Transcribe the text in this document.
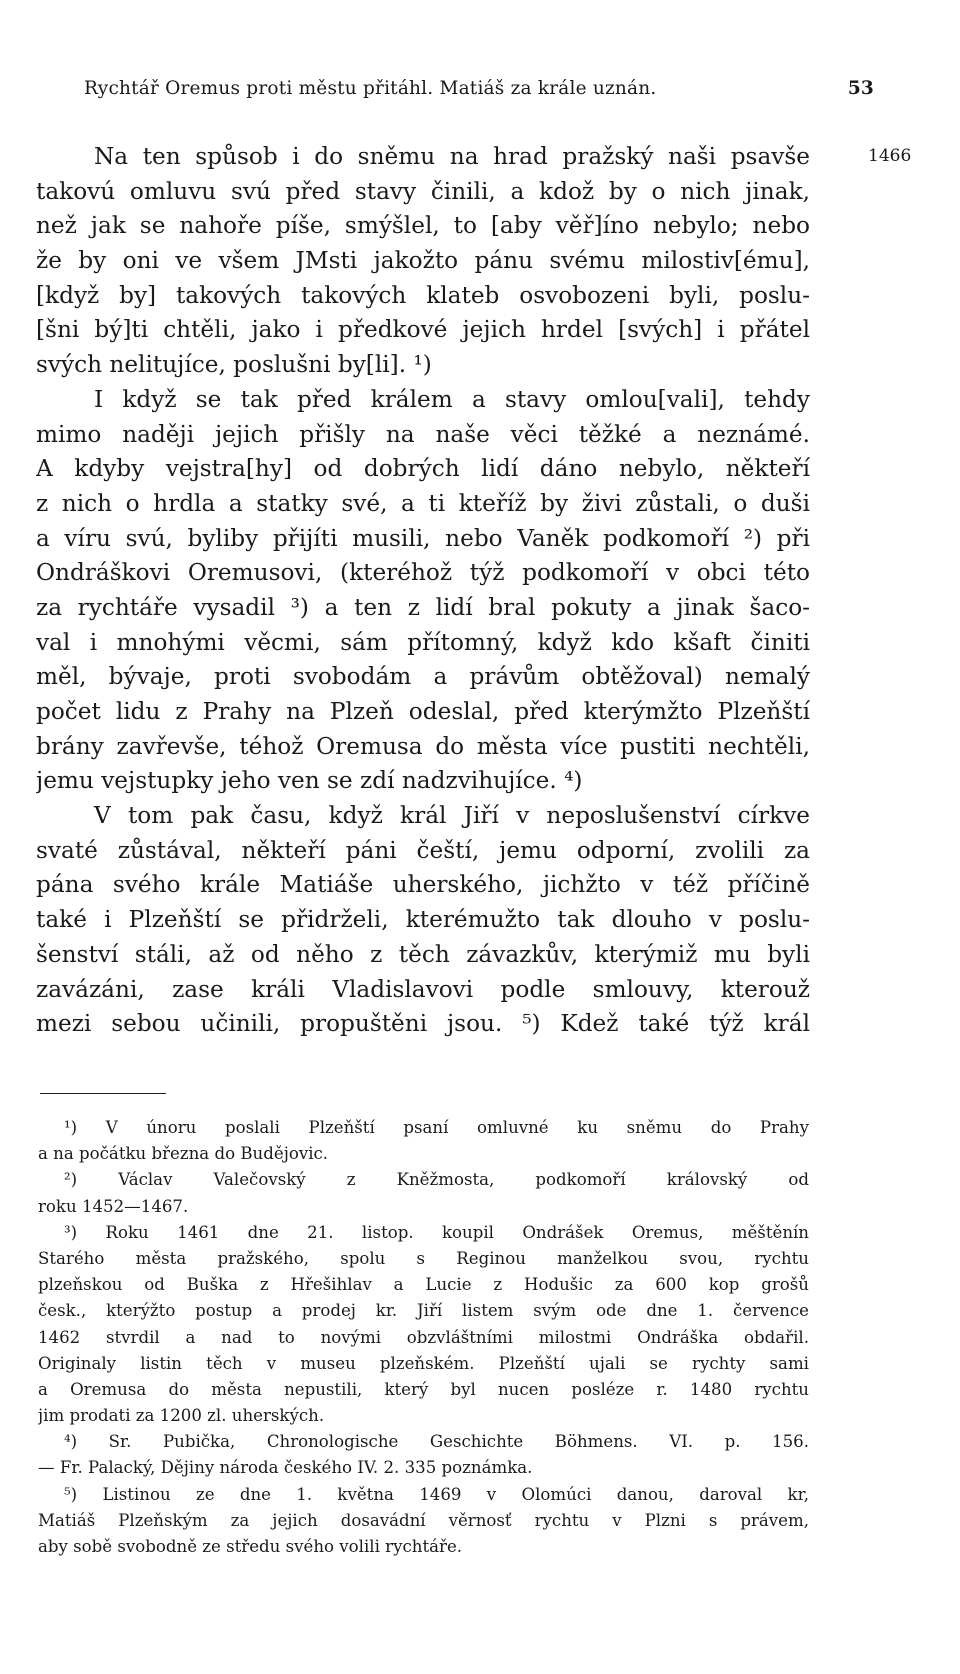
Rychtář Oremus proti městu přitáhl. Matiáš za krále uznán.	53
1466
Na ten spůsob i do sněmu na hrad pražský naši psavše
takovú omluvu svú před stavy činili, a kdož by o nich jinak,
než jak se nahoře píše, smýšlel, to [aby věř]íno nebylo; nebo
že by oni ve všem JMsti jakožto pánu svému milostiv[ému],
[když by] takových takových klateb osvobozeni byli, poslu-
[šni bý]ti chtěli, jako i předkové jejich hrdel [svých] i přátel
svých nelitujíce, poslušni by[li]. ¹)
I když se tak před králem a stavy omlou[vali], tehdy
mimo naději jejich přišly na naše věci těžké a neznámé.
A kdyby vejstra[hy] od dobrých lidí dáno nebylo, někteří
z nich o hrdla a statky své, a ti kteříž by živi zůstali, o duši
a víru svú, byliby přijíti musili, nebo Vaněk podkomoří ²) při
Ondráškovi Oremusovi, (kteréhož týž podkomoří v obci této
za rychtáře vysadil ³) a ten z lidí bral pokuty a jinak šaco-
val i mnohými věcmi, sám přítomný, když kdo kšaft činiti
měl, bývaje, proti svobodám a právům obtěžoval) nemalý
počet lidu z Prahy na Plzeň odeslal, před kterýmžto Plzeňští
brány zavřevše, téhož Oremusa do města více pustiti nechtěli,
jemu vejstupky jeho ven se zdí nadzvihujíce. ⁴)
V tom pak času, když král Jiří v neposlušenství církve
svaté zůstával, někteří páni čeští, jemu odporní, zvolili za
pána svého krále Matiáše uherského, jichžto v též příčině
také i Plzeňští se přidrželi, kterémužto tak dlouho v poslu-
šenství stáli, až od něho z těch závazkův, kterýmiž mu byli
zavázáni, zase králi Vladislavovi podle smlouvy, kterouž
mezi sebou učinili, propuštěni jsou. ⁵) Kdež také týž král
¹) V únoru poslali Plzeňští psaní omluvné ku sněmu do Prahy
a na počátku března do Budějovic.
²) Václav Valečovský z Kněžmosta, podkomoří královský od
roku 1452—1467.
³) Roku 1461 dne 21. listop. koupil Ondrášek Oremus, měštěnín
Starého města pražského, spolu s Reginou manželkou svou, rychtu
plzeňskou od Buška z Hřešihlav a Lucie z Hodušic za 600 kop grošů
česk., kterýžto postup a prodej kr. Jiří listem svým ode dne 1. července
1462 stvrdil a nad to novými obzvláštními milostmi Ondráška obdařil.
Originaly listin těch v museu plzeňském. Plzeňští ujali se rychty sami
a Oremusa do města nepustili, který byl nucen posléze r. 1480 rychtu
jim prodati za 1200 zl. uherských.
⁴) Sr. Pubička, Chronologische Geschichte Böhmens. VI. p. 156.
— Fr. Palacký, Dějiny národa českého IV. 2. 335 poznámka.
⁵) Listinou ze dne 1. května 1469 v Olomúci danou, daroval kr,
Matiáš Plzeňským za jejich dosavádní věrnosť rychtu v Plzni s právem,
aby sobě svobodně ze středu svého volili rychtáře.
